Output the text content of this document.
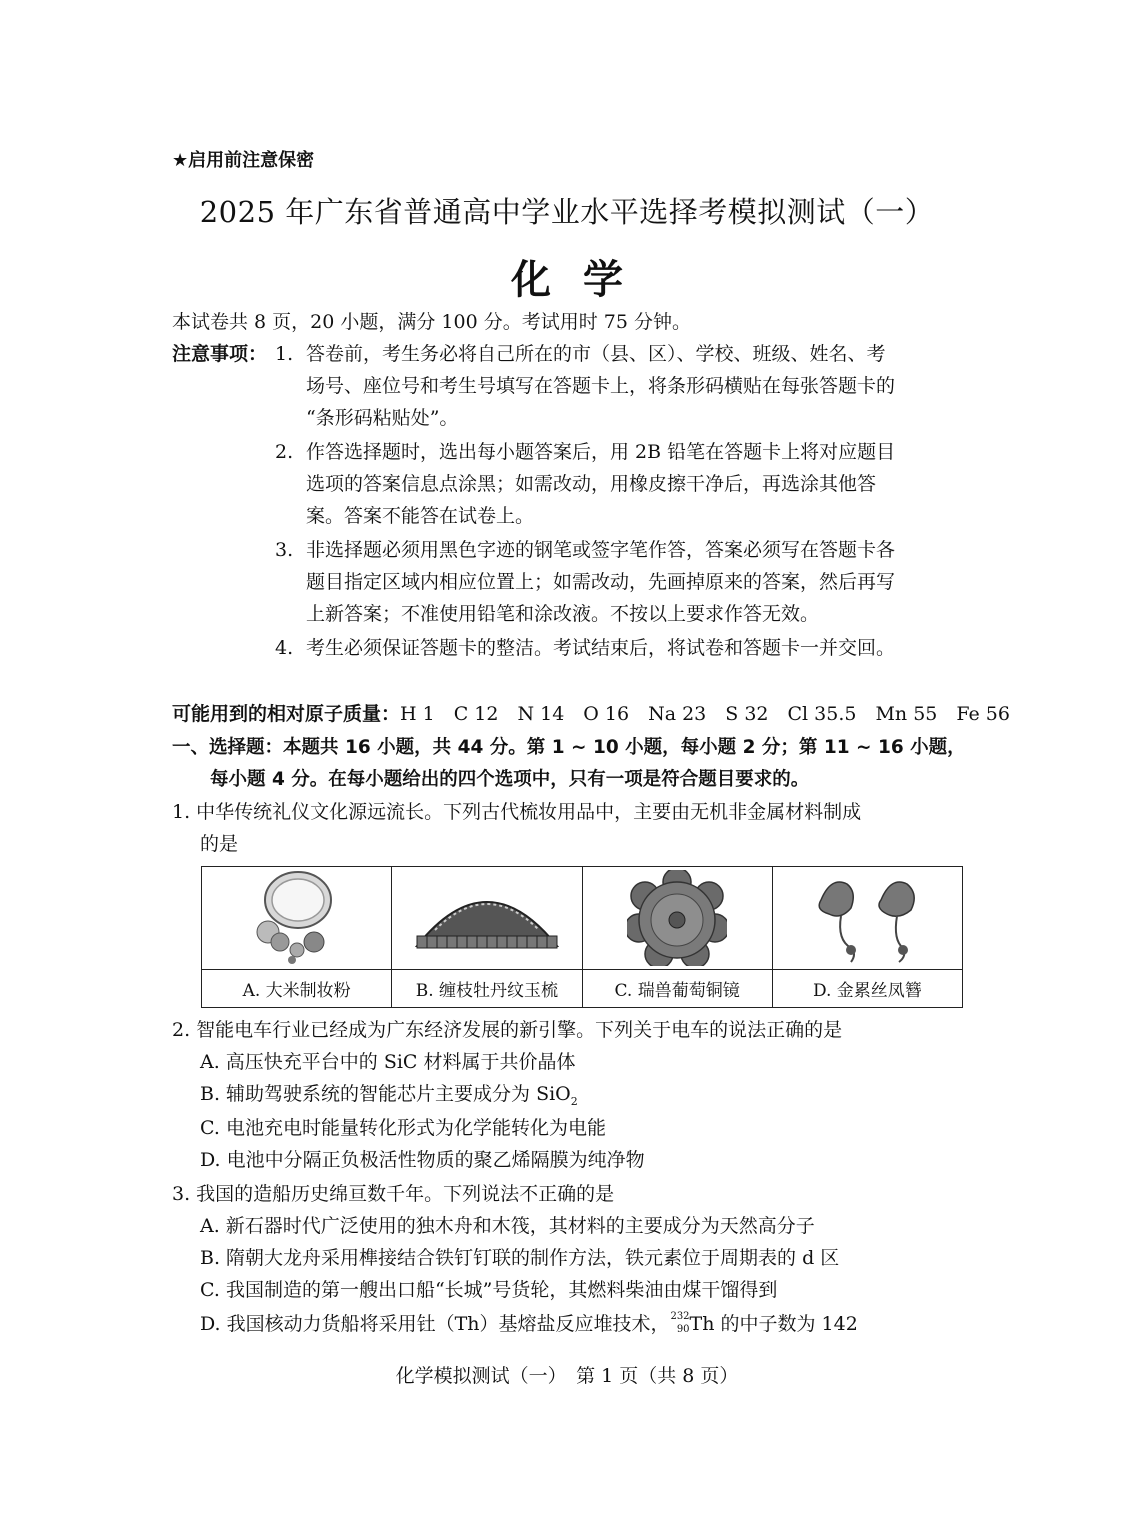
★启用前注意保密
2025 年广东省普通高中学业水平选择考模拟测试（一）
化学
本试卷共 8 页，20 小题，满分 100 分。考试用时 75 分钟。
注意事项： 1. 答卷前，考生务必将自己所在的市（县、区）、学校、班级、姓名、考
场号、座位号和考生号填写在答题卡上，将条形码横贴在每张答题卡的
“条形码粘贴处”。
2. 作答选择题时，选出每小题答案后，用 2B 铅笔在答题卡上将对应题目
选项的答案信息点涂黑；如需改动，用橡皮擦干净后，再选涂其他答
案。答案不能答在试卷上。
3. 非选择题必须用黑色字迹的钢笔或签字笔作答，答案必须写在答题卡各
题目指定区域内相应位置上；如需改动，先画掉原来的答案，然后再写
上新答案；不准使用铅笔和涂改液。不按以上要求作答无效。
4. 考生必须保证答题卡的整洁。考试结束后，将试卷和答题卡一并交回。
可能用到的相对原子质量：H 1　C 12　N 14　O 16　Na 23　S 32　Cl 35.5　Mn 55　Fe 56
一、选择题：本题共 16 小题，共 44 分。第 1 ~ 10 小题，每小题 2 分；第 11 ~ 16 小题，
每小题 4 分。在每小题给出的四个选项中，只有一项是符合题目要求的。
1. 中华传统礼仪文化源远流长。下列古代梳妆用品中，主要由无机非金属材料制成
的是

A. 大米制妆粉	B. 缠枝牡丹纹玉梳	C. 瑞兽葡萄铜镜	D. 金累丝凤簪
2. 智能电车行业已经成为广东经济发展的新引擎。下列关于电车的说法正确的是
A. 高压快充平台中的 SiC 材料属于共价晶体
B. 辅助驾驶系统的智能芯片主要成分为 SiO$_2$
C. 电池充电时能量转化形式为化学能转化为电能
D. 电池中分隔正负极活性物质的聚乙烯隔膜为纯净物
3. 我国的造船历史绵亘数千年。下列说法不正确的是
A. 新石器时代广泛使用的独木舟和木筏，其材料的主要成分为天然高分子
B. 隋朝大龙舟采用榫接结合铁钉钉联的制作方法，铁元素位于周期表的 d 区
C. 我国制造的第一艘出口船“长城”号货轮，其燃料柴油由煤干馏得到
D. 我国核动力货船将采用钍（Th）基熔盐反应堆技术， 232
90 Th 的中子数为 142
化学模拟测试（一）　第 1 页（共 8 页）
